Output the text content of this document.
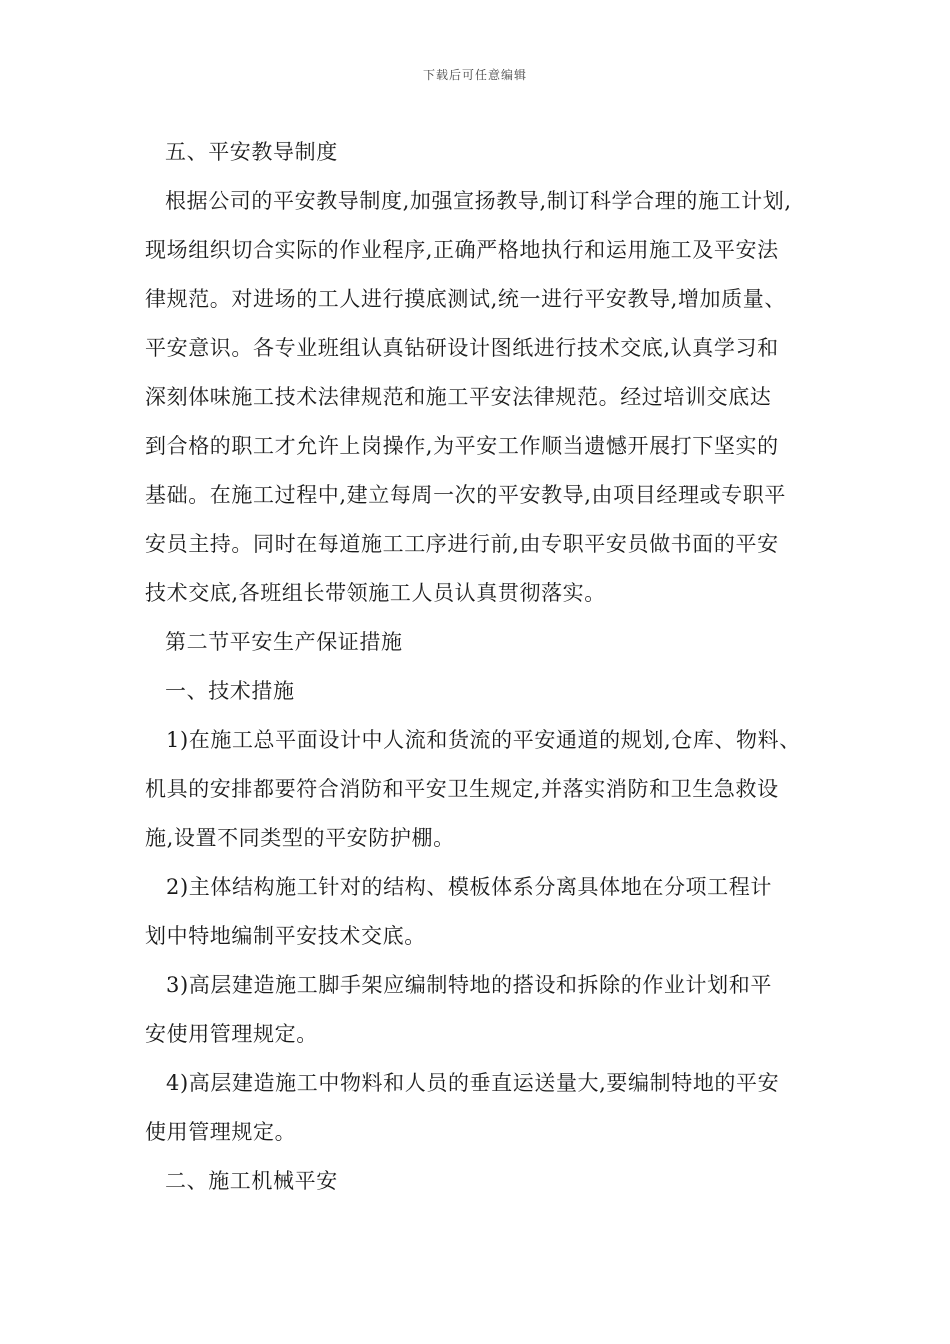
下载后可任意编辑
五、平安教导制度
根据公司的平安教导制度,加强宣扬教导,制订科学合理的施工计划,
现场组织切合实际的作业程序,正确严格地执行和运用施工及平安法
律规范。对进场的工人进行摸底测试,统一进行平安教导,增加质量、
平安意识。各专业班组认真钻研设计图纸进行技术交底,认真学习和
深刻体味施工技术法律规范和施工平安法律规范。经过培训交底达
到合格的职工才允许上岗操作,为平安工作顺当遗憾开展打下坚实的
基础。在施工过程中,建立每周一次的平安教导,由项目经理或专职平
安员主持。同时在每道施工工序进行前,由专职平安员做书面的平安
技术交底,各班组长带领施工人员认真贯彻落实。
第二节平安生产保证措施
一、技术措施
1)在施工总平面设计中人流和货流的平安通道的规划,仓库、物料、
机具的安排都要符合消防和平安卫生规定,并落实消防和卫生急救设
施,设置不同类型的平安防护棚。
2)主体结构施工针对的结构、模板体系分离具体地在分项工程计
划中特地编制平安技术交底。
3)高层建造施工脚手架应编制特地的搭设和拆除的作业计划和平
安使用管理规定。
4)高层建造施工中物料和人员的垂直运送量大,要编制特地的平安
使用管理规定。
二、施工机械平安
